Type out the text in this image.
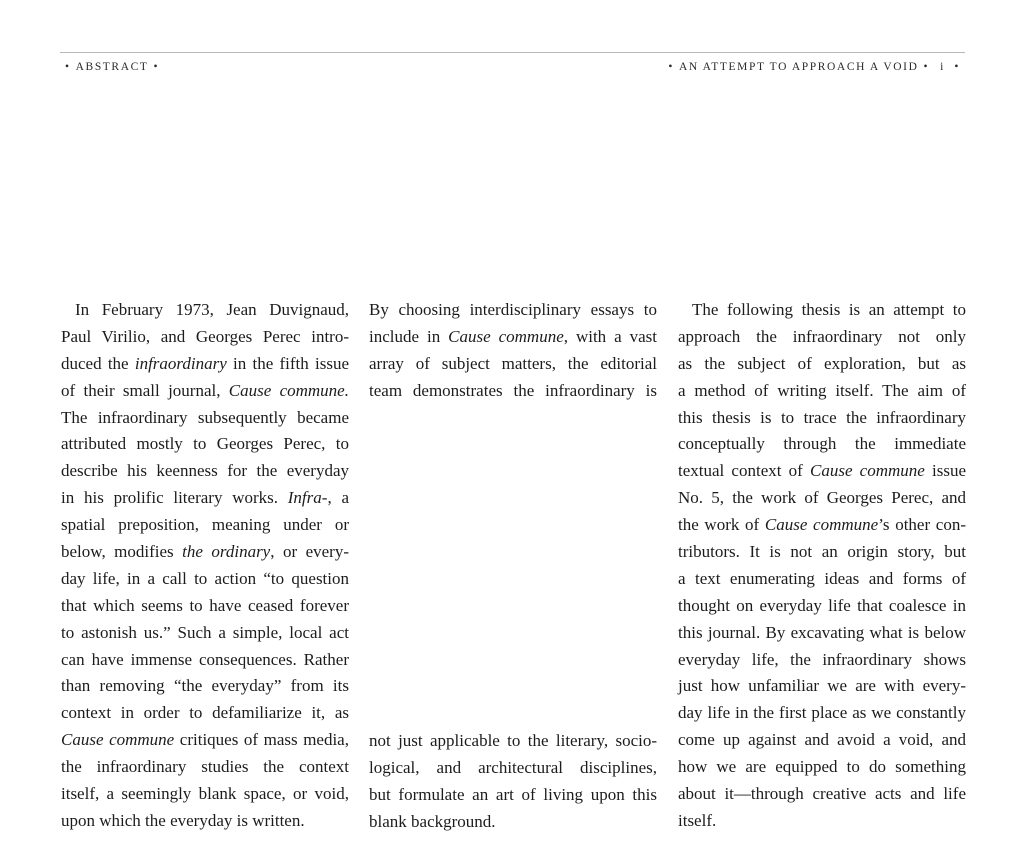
• ABSTRACT •	• AN ATTEMPT TO APPROACH A VOID • i •
In February 1973, Jean Duvignaud,
Paul Virilio, and Georges Perec intro-
duced the infraordinary in the fifth issue
of their small journal, Cause commune.
The infraordinary subsequently became
attributed mostly to Georges Perec, to
describe his keenness for the everyday
in his prolific literary works. Infra-, a
spatial preposition, meaning under or
below, modifies the ordinary, or every-
day life, in a call to action “to question
that which seems to have ceased forever
to astonish us.” Such a simple, local act
can have immense consequences. Rather
than removing “the everyday” from its
context in order to defamiliarize it, as
Cause commune critiques of mass media,
the infraordinary studies the context
itself, a seemingly blank space, or void,
upon which the everyday is written.
By choosing interdisciplinary essays to
include in Cause commune, with a vast
array of subject matters, the editorial
team demonstrates the infraordinary is
not just applicable to the literary, socio-
logical, and architectural disciplines,
but formulate an art of living upon this
blank background.
The following thesis is an attempt to
approach the infraordinary not only
as the subject of exploration, but as
a method of writing itself. The aim of
this thesis is to trace the infraordinary
conceptually through the immediate
textual context of Cause commune issue
No. 5, the work of Georges Perec, and
the work of Cause commune’s other con-
tributors. It is not an origin story, but
a text enumerating ideas and forms of
thought on everyday life that coalesce in
this journal. By excavating what is below
everyday life, the infraordinary shows
just how unfamiliar we are with every-
day life in the first place as we constantly
come up against and avoid a void, and
how we are equipped to do something
about it—through creative acts and life
itself.
